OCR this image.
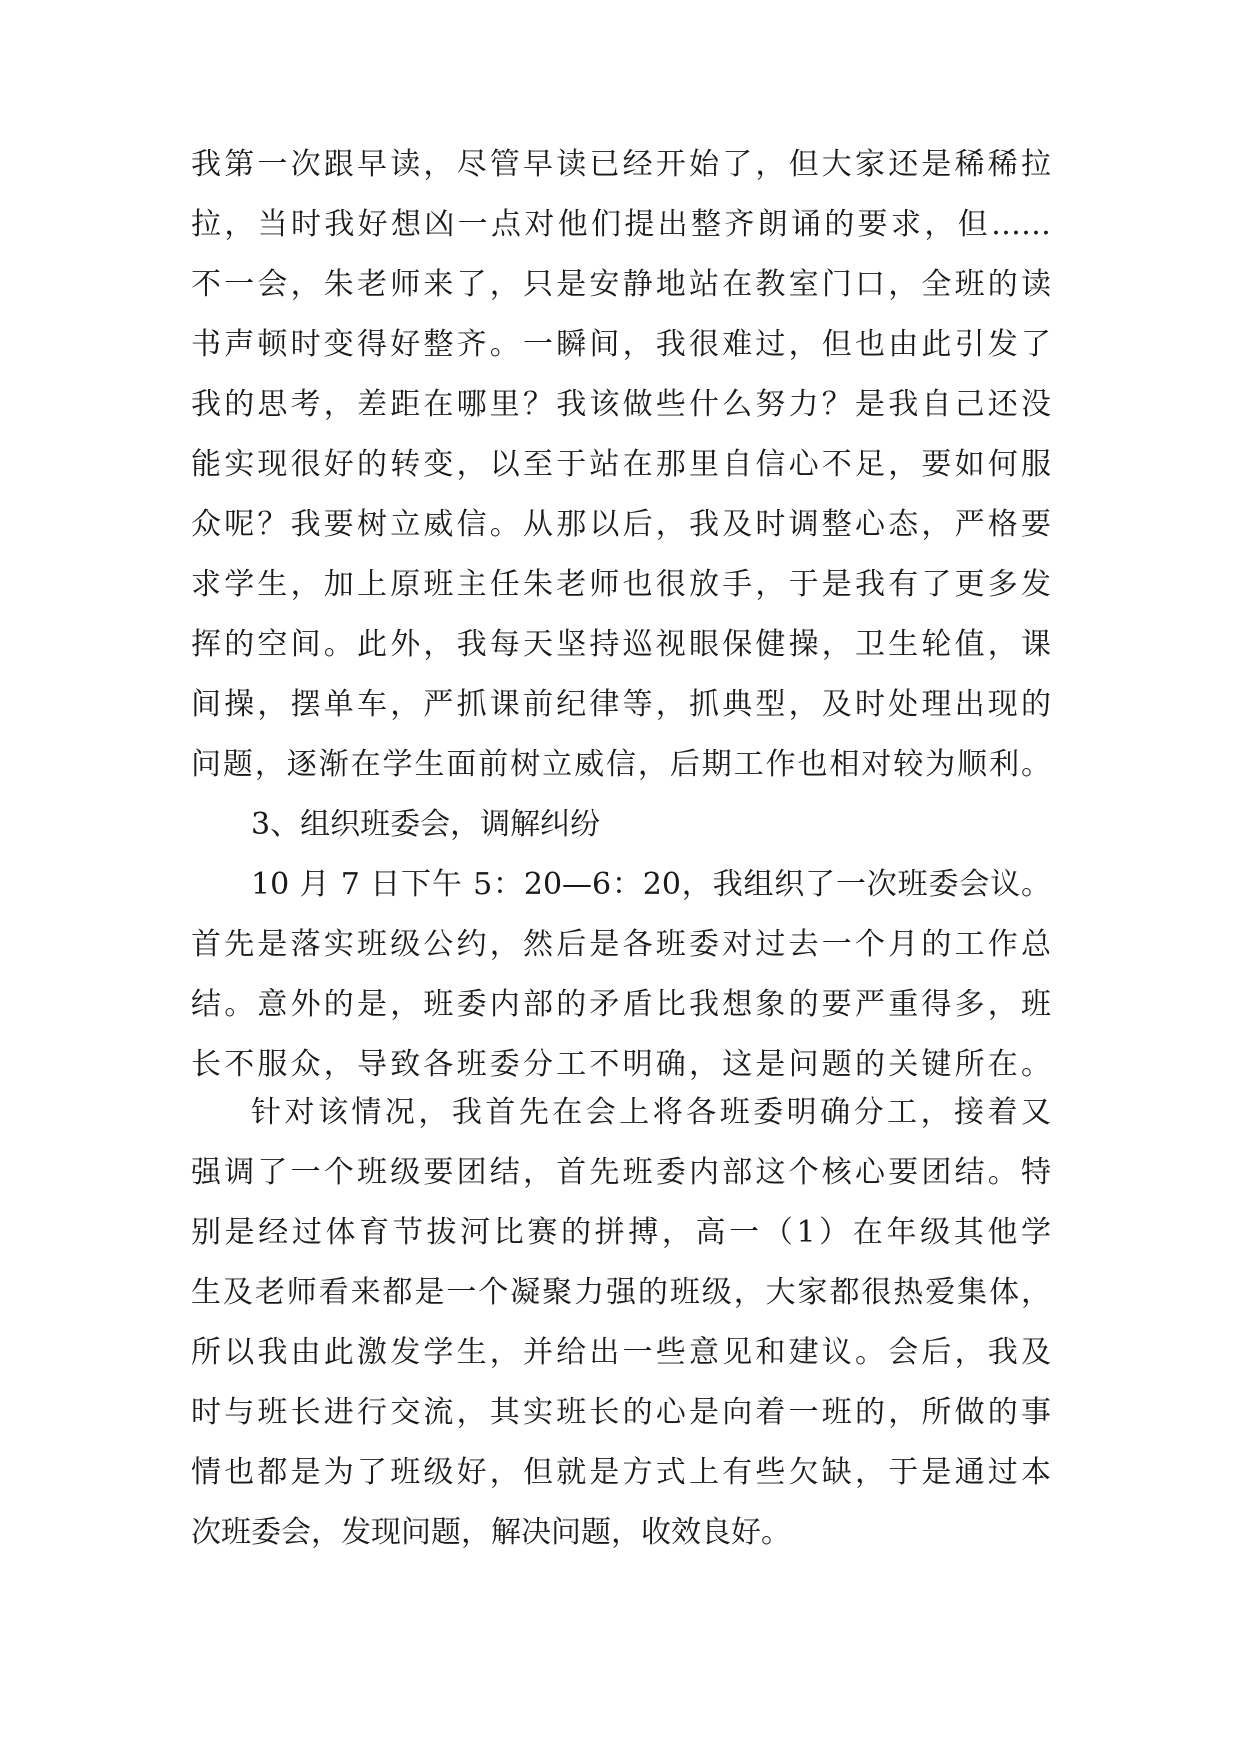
我第一次跟早读，尽管早读已经开始了，但大家还是稀稀拉
拉，当时我好想凶一点对他们提出整齐朗诵的要求，但……
不一会，朱老师来了，只是安静地站在教室门口，全班的读
书声顿时变得好整齐。一瞬间，我很难过，但也由此引发了
我的思考，差距在哪里？我该做些什么努力？是我自己还没
能实现很好的转变，以至于站在那里自信心不足，要如何服
众呢？我要树立威信。从那以后，我及时调整心态，严格要
求学生，加上原班主任朱老师也很放手，于是我有了更多发
挥的空间。此外，我每天坚持巡视眼保健操，卫生轮值，课
间操，摆单车，严抓课前纪律等，抓典型，及时处理出现的
问题，逐渐在学生面前树立威信，后期工作也相对较为顺利。
3、组织班委会，调解纠纷
10 月 7 日下午 5：20—6：20，我组织了一次班委会议。
首先是落实班级公约，然后是各班委对过去一个月的工作总
结。意外的是，班委内部的矛盾比我想象的要严重得多，班
长不服众，导致各班委分工不明确，这是问题的关键所在。
针对该情况，我首先在会上将各班委明确分工，接着又
强调了一个班级要团结，首先班委内部这个核心要团结。特
别是经过体育节拔河比赛的拼搏，高一（1）在年级其他学
生及老师看来都是一个凝聚力强的班级，大家都很热爱集体，
所以我由此激发学生，并给出一些意见和建议。会后，我及
时与班长进行交流，其实班长的心是向着一班的，所做的事
情也都是为了班级好，但就是方式上有些欠缺，于是通过本
次班委会，发现问题，解决问题，收效良好。
